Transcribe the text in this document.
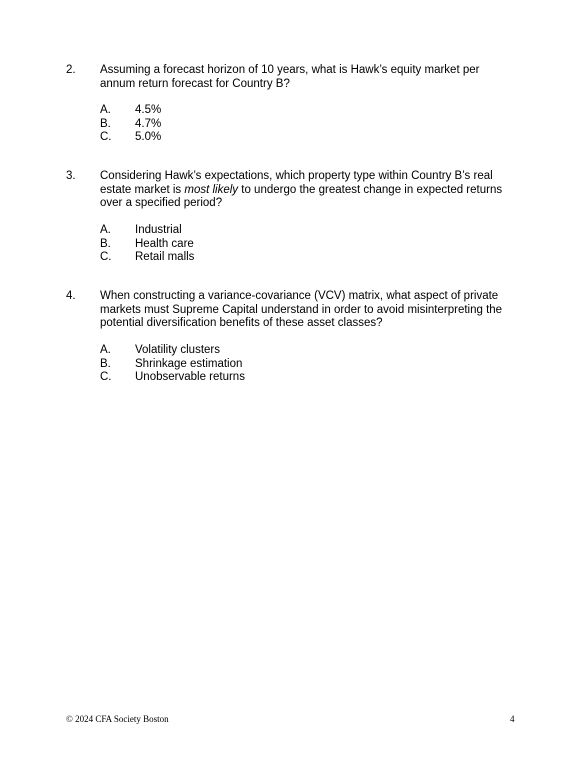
2. Assuming a forecast horizon of 10 years, what is Hawk’s equity market per annum return forecast for Country B?
A. 4.5%
B. 4.7%
C. 5.0%
3. Considering Hawk’s expectations, which property type within Country B’s real estate market is most likely to undergo the greatest change in expected returns over a specified period?
A. Industrial
B. Health care
C. Retail malls
4. When constructing a variance-covariance (VCV) matrix, what aspect of private markets must Supreme Capital understand in order to avoid misinterpreting the potential diversification benefits of these asset classes?
A. Volatility clusters
B. Shrinkage estimation
C. Unobservable returns
© 2024 CFA Society Boston	4
